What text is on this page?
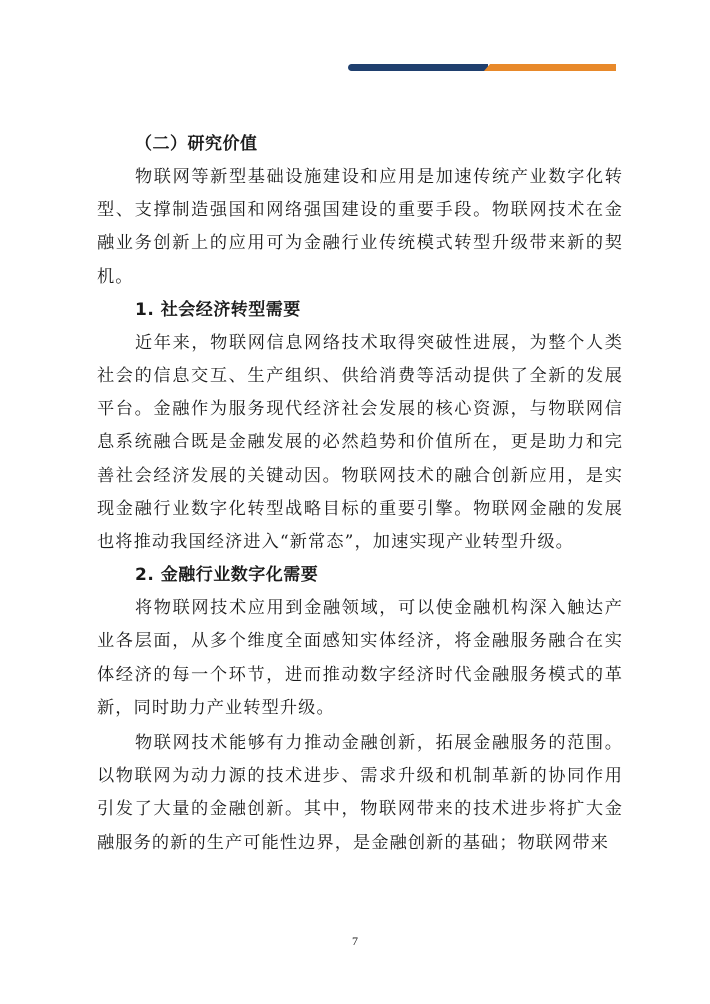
（二）研究价值

物联网等新型基础设施建设和应用是加速传统产业数字化转型、支撑制造强国和网络强国建设的重要手段。物联网技术在金融业务创新上的应用可为金融行业传统模式转型升级带来新的契机。

1. 社会经济转型需要

近年来，物联网信息网络技术取得突破性进展，为整个人类社会的信息交互、生产组织、供给消费等活动提供了全新的发展平台。金融作为服务现代经济社会发展的核心资源，与物联网信息系统融合既是金融发展的必然趋势和价值所在，更是助力和完善社会经济发展的关键动因。物联网技术的融合创新应用，是实现金融行业数字化转型战略目标的重要引擎。物联网金融的发展也将推动我国经济进入“新常态”，加速实现产业转型升级。

2. 金融行业数字化需要

将物联网技术应用到金融领域，可以使金融机构深入触达产业各层面，从多个维度全面感知实体经济，将金融服务融合在实体经济的每一个环节，进而推动数字经济时代金融服务模式的革新，同时助力产业转型升级。

物联网技术能够有力推动金融创新，拓展金融服务的范围。以物联网为动力源的技术进步、需求升级和机制革新的协同作用引发了大量的金融创新。其中，物联网带来的技术进步将扩大金融服务的新的生产可能性边界，是金融创新的基础；物联网带来

7
